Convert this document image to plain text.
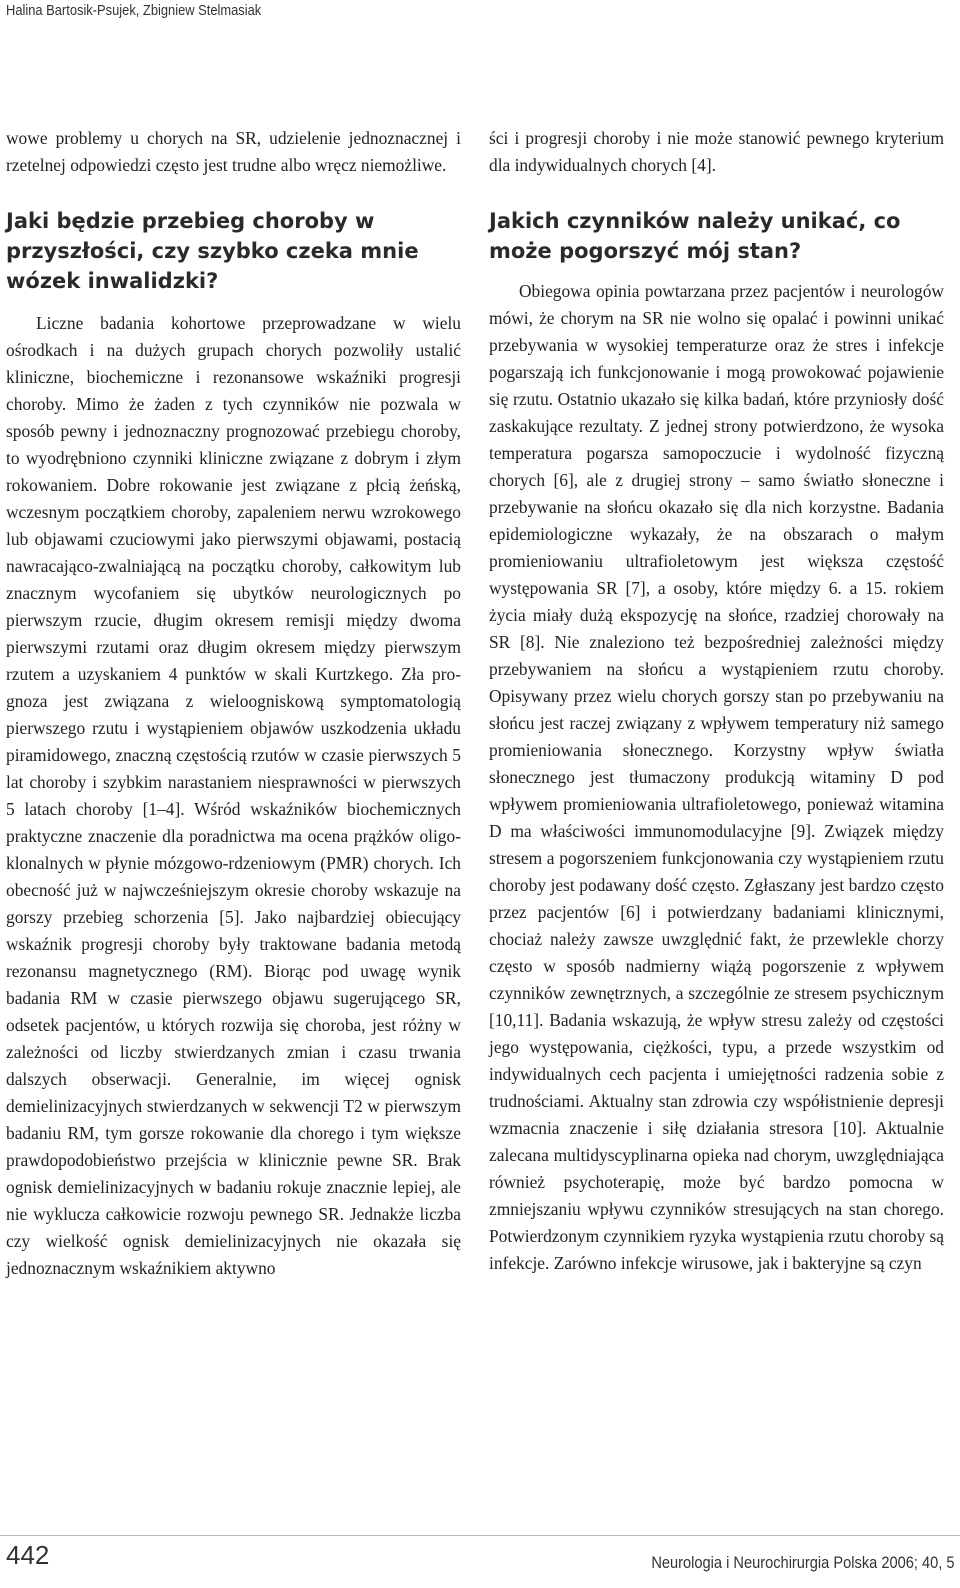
Halina Bartosik-Psujek, Zbigniew Stelmasiak

wowe problemy u chorych na SR, udzielenie jednoznacznej i rzetelnej odpowiedzi często jest trudne albo wręcz niemożliwe.

Jaki będzie przebieg choroby w przyszłości, czy szybko czeka mnie wózek inwalidzki?

Liczne badania kohortowe przeprowadzane w wielu ośrodkach i na dużych grupach chorych pozwoliły ustalić kliniczne, biochemiczne i rezonansowe wskaźniki progresji choroby. Mimo że żaden z tych czynników nie pozwala w sposób pewny i jednoznaczny prognozować przebiegu choroby, to wyodrębniono czynniki kliniczne związane z dobrym i złym rokowaniem. Dobre rokowanie jest związane z płcią żeńską, wczesnym początkiem choroby, zapaleniem nerwu wzrokowego lub objawami czuciowymi jako pierwszymi objawami, postacią nawracająco-zwalniającą na początku choroby, całkowitym lub znacznym wycofaniem się ubytków neurologicznych po pierwszym rzucie, długim okresem remisji między dwoma pierwszymi rzutami oraz długim okresem między pierwszym rzutem a uzyskaniem 4 punktów w skali Kurtzkego. Zła prognoza jest związana z wieloogniskową symptomatologią pierwszego rzutu i wystąpieniem objawów uszkodzenia układu piramidowego, znaczną częstością rzutów w czasie pierwszych 5 lat choroby i szybkim narastaniem niesprawności w pierwszych 5 latach choroby [1–4]. Wśród wskaźników biochemicznych praktyczne znaczenie dla poradnictwa ma ocena prążków oligoklonalnych w płynie mózgowo-rdzeniowym (PMR) chorych. Ich obecność już w najwcześniejszym okresie choroby wskazuje na gorszy przebieg schorzenia [5]. Jako najbardziej obiecujący wskaźnik progresji choroby były traktowane badania metodą rezonansu magnetycznego (RM). Biorąc pod uwagę wynik badania RM w czasie pierwszego objawu sugerującego SR, odsetek pacjentów, u których rozwija się choroba, jest różny w zależności od liczby stwierdzanych zmian i czasu trwania dalszych obserwacji. Generalnie, im więcej ognisk demielinizacyjnych stwierdzanych w sekwencji T2 w pierwszym badaniu RM, tym gorsze rokowanie dla chorego i tym większe prawdopodobieństwo przejścia w klinicznie pewne SR. Brak ognisk demielinizacyjnych w badaniu rokuje znacznie lepiej, ale nie wyklucza całkowicie rozwoju pewnego SR. Jednakże liczba czy wielkość ognisk demielinizacyjnych nie okazała się jednoznacznym wskaźnikiem aktywno

ści i progresji choroby i nie może stanowić pewnego kryterium dla indywidualnych chorych [4].

Jakich czynników należy unikać, co może pogorszyć mój stan?

Obiegowa opinia powtarzana przez pacjentów i neurologów mówi, że chorym na SR nie wolno się opalać i powinni unikać przebywania w wysokiej temperaturze oraz że stres i infekcje pogarszają ich funkcjonowanie i mogą prowokować pojawienie się rzutu. Ostatnio ukazało się kilka badań, które przyniosły dość zaskakujące rezultaty. Z jednej strony potwierdzono, że wysoka temperatura pogarsza samopoczucie i wydolność fizyczną chorych [6], ale z drugiej strony – samo światło słoneczne i przebywanie na słońcu okazało się dla nich korzystne. Badania epidemiologiczne wykazały, że na obszarach o małym promieniowaniu ultrafioletowym jest większa częstość występowania SR [7], a osoby, które między 6. a 15. rokiem życia miały dużą ekspozycję na słońce, rzadziej chorowały na SR [8]. Nie znaleziono też bezpośredniej zależności między przebywaniem na słońcu a wystąpieniem rzutu choroby. Opisywany przez wielu chorych gorszy stan po przebywaniu na słońcu jest raczej związany z wpływem temperatury niż samego promieniowania słonecznego. Korzystny wpływ światła słonecznego jest tłumaczony produkcją witaminy D pod wpływem promieniowania ultrafioletowego, ponieważ witamina D ma właściwości immunomodulacyjne [9]. Związek między stresem a pogorszeniem funkcjonowania czy wystąpieniem rzutu choroby jest podawany dość często. Zgłaszany jest bardzo często przez pacjentów [6] i potwierdzany badaniami klinicznymi, chociaż należy zawsze uwzględnić fakt, że przewlekle chorzy często w sposób nadmierny wiążą pogorszenie z wpływem czynników zewnętrznych, a szczególnie ze stresem psychicznym [10,11]. Badania wskazują, że wpływ stresu zależy od częstości jego występowania, ciężkości, typu, a przede wszystkim od indywidualnych cech pacjenta i umiejętności radzenia sobie z trudnościami. Aktualny stan zdrowia czy współistnienie depresji wzmacnia znaczenie i siłę działania stresora [10]. Aktualnie zalecana multidyscyplinarna opieka nad chorym, uwzględniająca również psychoterapię, może być bardzo pomocna w zmniejszaniu wpływu czynników stresujących na stan chorego. Potwierdzonym czynnikiem ryzyka wystąpienia rzutu choroby są infekcje. Zarówno infekcje wirusowe, jak i bakteryjne są czyn

442	Neurologia i Neurochirurgia Polska 2006; 40, 5
